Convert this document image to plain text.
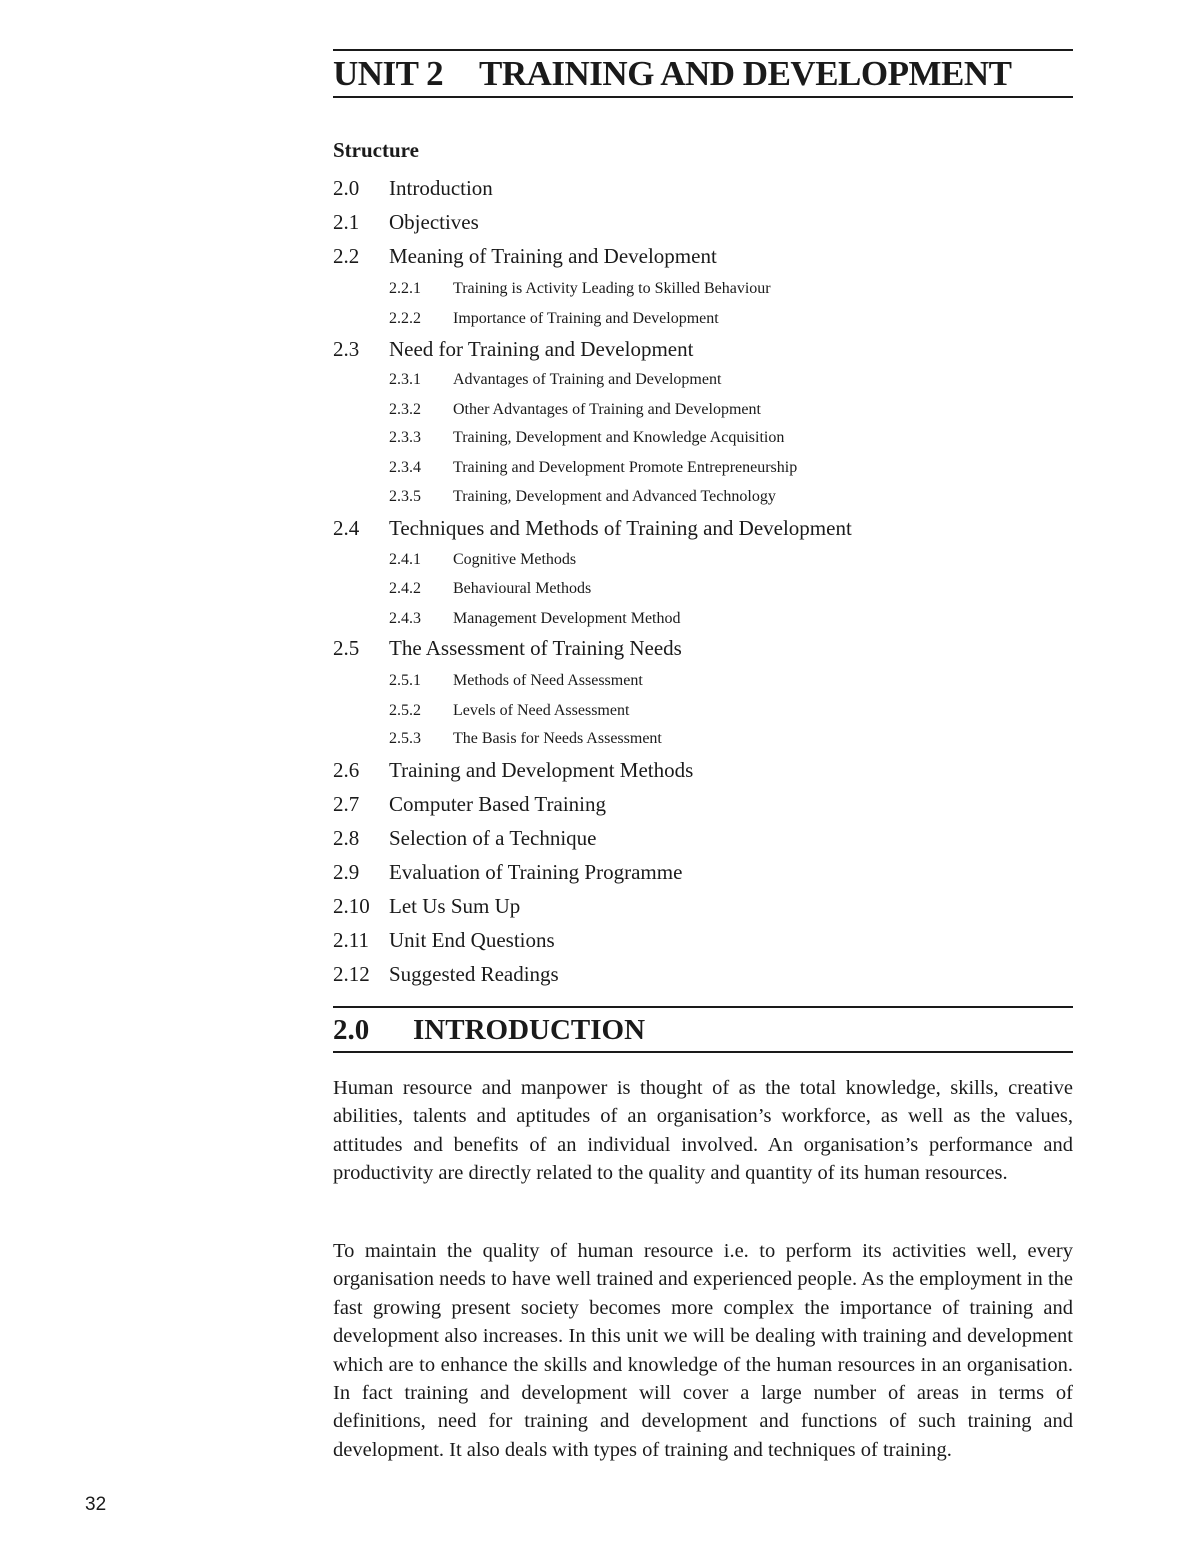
UNIT 2 TRAINING AND DEVELOPMENT
Structure
2.0 Introduction
2.1 Objectives
2.2 Meaning of Training and Development
2.2.1 Training is Activity Leading to Skilled Behaviour
2.2.2 Importance of Training and Development
2.3 Need for Training and Development
2.3.1 Advantages of Training and Development
2.3.2 Other Advantages of Training and Development
2.3.3 Training, Development and Knowledge Acquisition
2.3.4 Training and Development Promote Entrepreneurship
2.3.5 Training, Development and Advanced Technology
2.4 Techniques and Methods of Training and Development
2.4.1 Cognitive Methods
2.4.2 Behavioural Methods
2.4.3 Management Development Method
2.5 The Assessment of Training Needs
2.5.1 Methods of Need Assessment
2.5.2 Levels of Need Assessment
2.5.3 The Basis for Needs Assessment
2.6 Training and Development Methods
2.7 Computer Based Training
2.8 Selection of a Technique
2.9 Evaluation of Training Programme
2.10 Let Us Sum Up
2.11 Unit End Questions
2.12 Suggested Readings
2.0 INTRODUCTION

Human resource and manpower is thought of as the total knowledge, skills, creative abilities, talents and aptitudes of an organisation’s workforce, as well as the values, attitudes and benefits of an individual involved. An organisation’s performance and productivity are directly related to the quality and quantity of its human resources.

To maintain the quality of human resource i.e. to perform its activities well, every organisation needs to have well trained and experienced people. As the employment in the fast growing present society becomes more complex the importance of training and development also increases. In this unit we will be dealing with training and development which are to enhance the skills and knowledge of the human resources in an organisation. In fact training and development will cover a large number of areas in terms of definitions, need for training and development and functions of such training and development. It also deals with types of training and techniques of training.

32
